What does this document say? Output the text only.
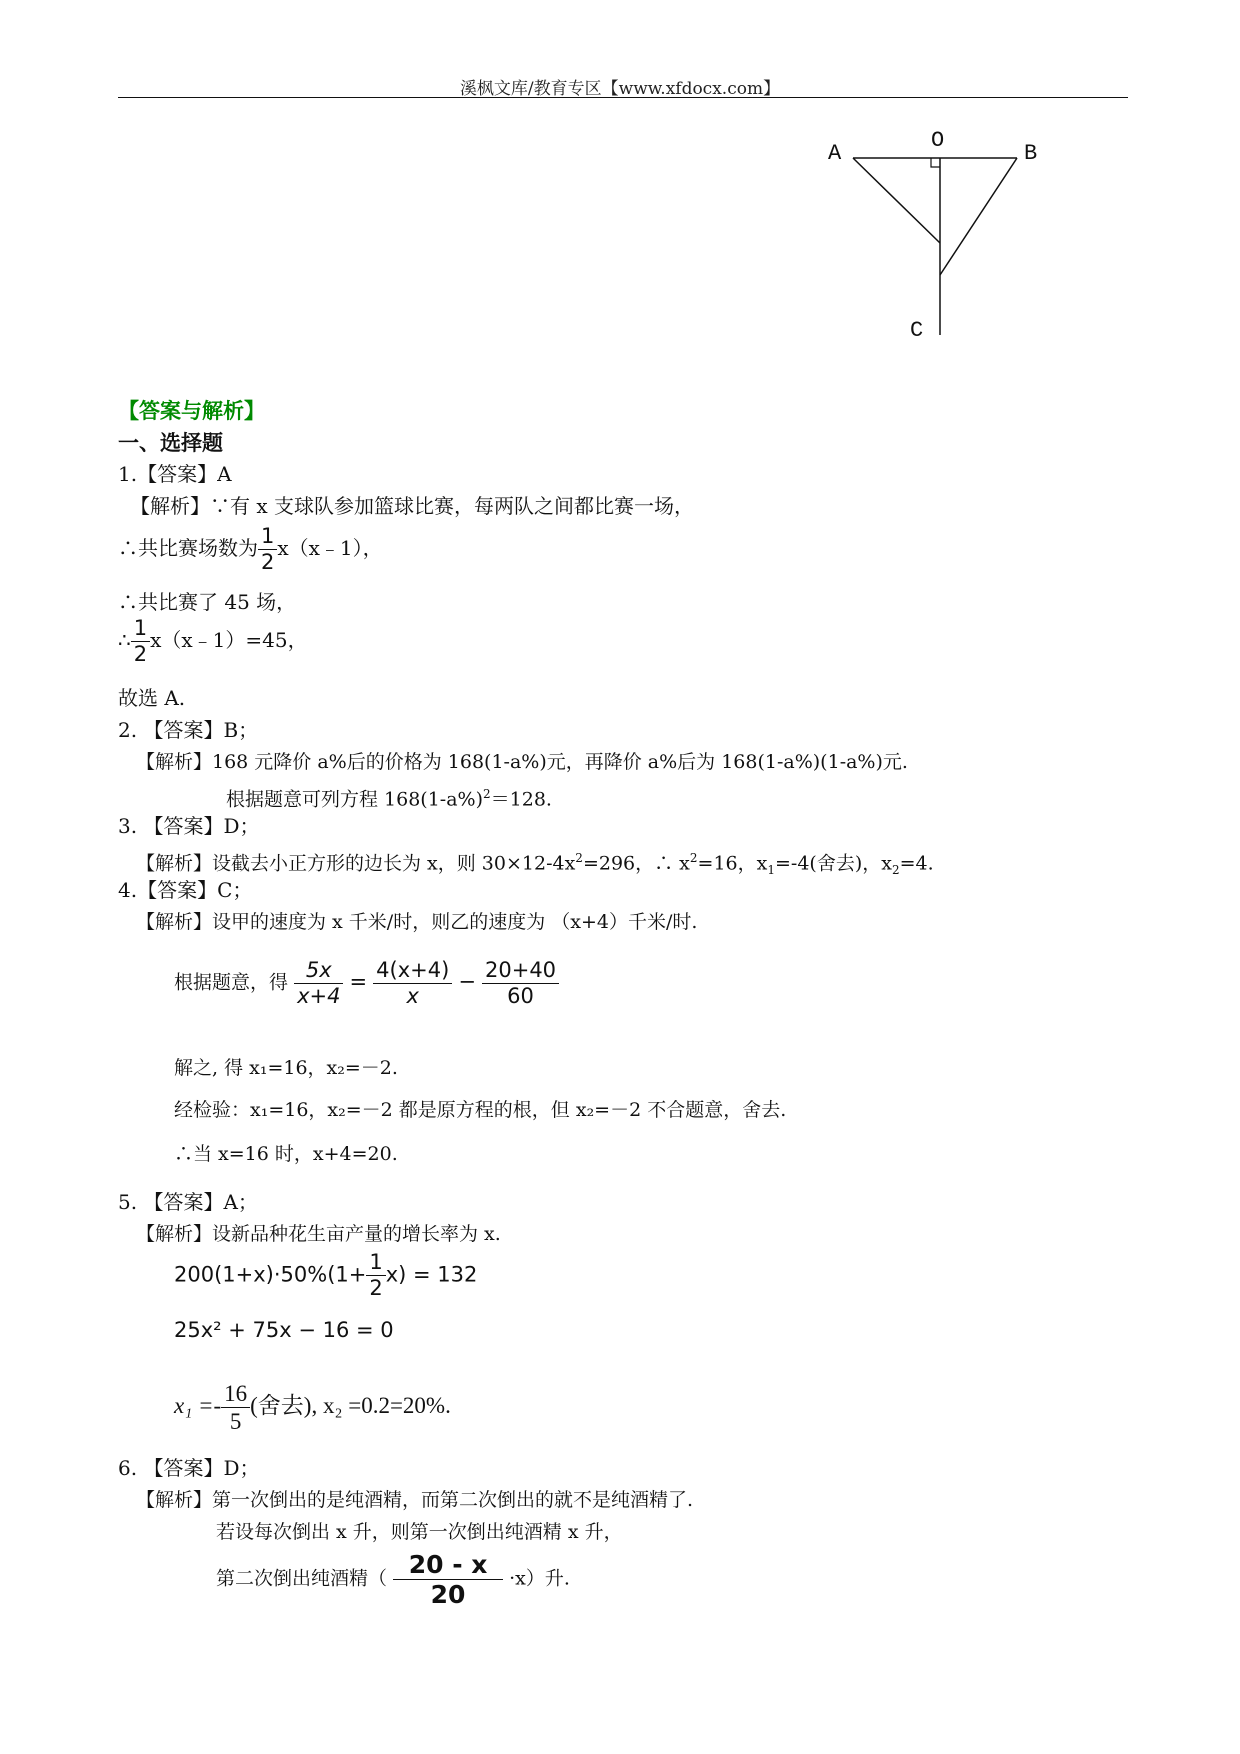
溪枫文库/教育专区【www.xfdocx.com】
A
O
B
C
【答案与解析】
一、选择题
1.【答案】A
【解析】∵有 x 支球队参加篮球比赛，每两队之间都比赛一场，
∴共比赛场数为 $\frac{1}{2}$ x（x﹣1），
∴共比赛了 45 场，
∴ $\frac{1}{2}$ x（x﹣1）=45，
故选 A.
2. 【答案】B；
【解析】168 元降价 a%后的价格为 168(1-a%)元，再降价 a%后为 168(1-a%)(1-a%)元.
根据题意可列方程 $168(1-a\%)^2=128$.
3. 【答案】D；
【解析】设截去小正方形的边长为 x，则 $30\times 12-4x^2=296$，∴ $x^2=16$，$x_1=-4$(舍去)，$x_2=4$.
4.【答案】C；
【解析】设甲的速度为 x 千米/时，则乙的速度为 （x+4）千米/时.
根据题意，得 $\frac{5x}{x+4} = \frac{4(x+4)}{x} - \frac{20+40}{60}$
解之, 得 x₁=16，x₂=－2.
经检验：x₁=16，x₂=－2 都是原方程的根，但 x₂=－2 不合题意，舍去.
∴当 x=16 时，x+4=20.
5. 【答案】A；
【解析】设新品种花生亩产量的增长率为 x.
$200(1+x)\cdot 50\%(1+ \frac{1}{2} x) = 132$
25x² + 75x − 16 = 0
$x_1 =- \frac{16}{5}$ (舍去), x₂ =0.2=20%.
6. 【答案】D；
【解析】第一次倒出的是纯酒精，而第二次倒出的就不是纯酒精了.
若设每次倒出 x 升，则第一次倒出纯酒精 x 升，
第二次倒出纯酒精（ $\frac{20 - x}{20} \cdot x$）升.
